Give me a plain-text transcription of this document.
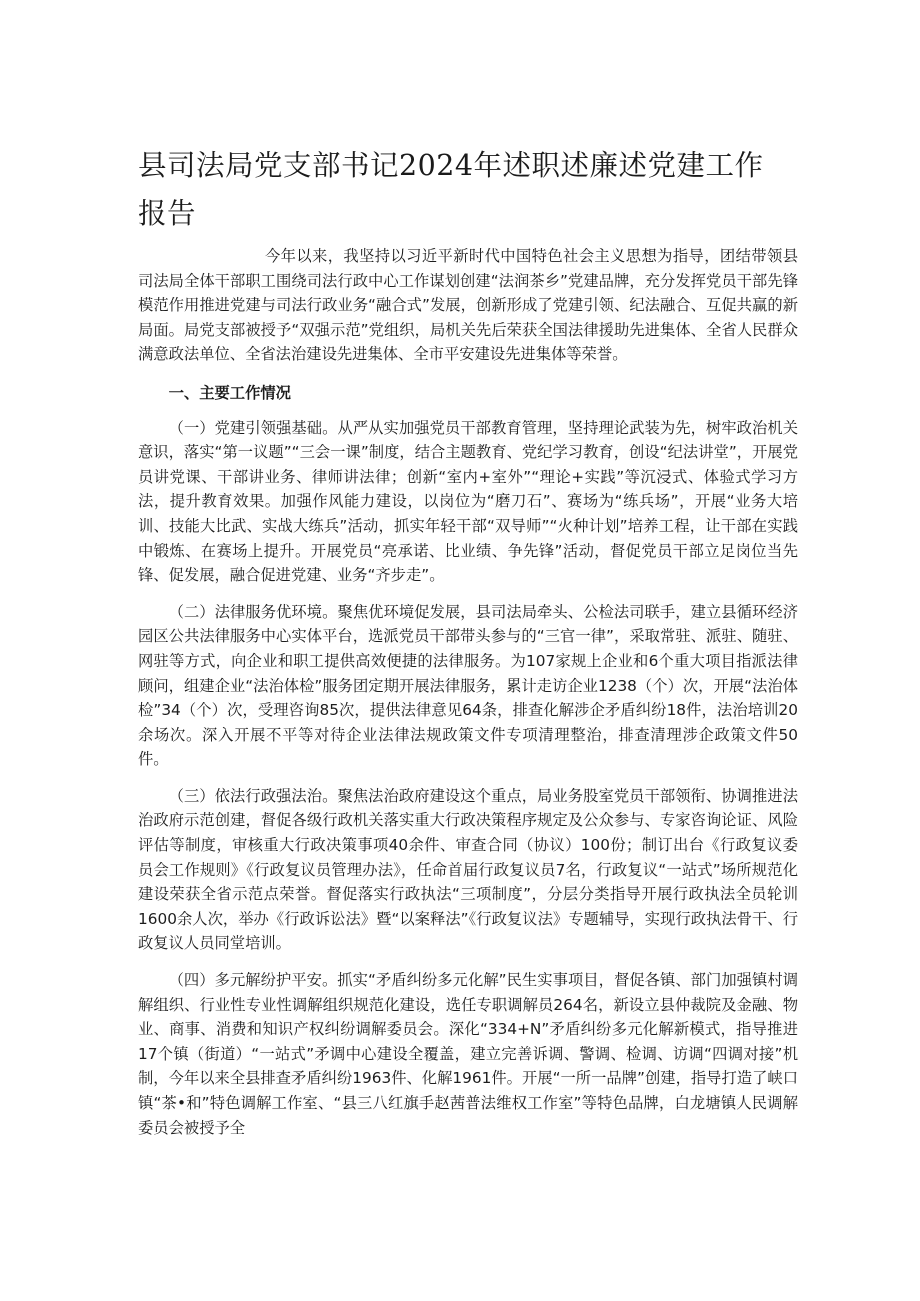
县司法局党支部书记2024年述职述廉述党建工作报告

今年以来，我坚持以习近平新时代中国特色社会主义思想为指导，团结带领县司法局全体干部职工围绕司法行政中心工作谋划创建“法润茶乡”党建品牌，充分发挥党员干部先锋模范作用推进党建与司法行政业务“融合式”发展，创新形成了党建引领、纪法融合、互促共赢的新局面。局党支部被授予“双强示范”党组织，局机关先后荣获全国法律援助先进集体、全省人民群众满意政法单位、全省法治建设先进集体、全市平安建设先进集体等荣誉。

一、主要工作情况

（一）党建引领强基础。从严从实加强党员干部教育管理，坚持理论武装为先，树牢政治机关意识，落实“第一议题”“三会一课”制度，结合主题教育、党纪学习教育，创设“纪法讲堂”，开展党员讲党课、干部讲业务、律师讲法律；创新“室内+室外”“理论+实践”等沉浸式、体验式学习方法，提升教育效果。加强作风能力建设，以岗位为“磨刀石”、赛场为“练兵场”，开展“业务大培训、技能大比武、实战大练兵”活动，抓实年轻干部“双导师”“火种计划”培养工程，让干部在实践中锻炼、在赛场上提升。开展党员“亮承诺、比业绩、争先锋”活动，督促党员干部立足岗位当先锋、促发展，融合促进党建、业务“齐步走”。

（二）法律服务优环境。聚焦优环境促发展，县司法局牵头、公检法司联手，建立县循环经济园区公共法律服务中心实体平台，选派党员干部带头参与的“三官一律”，采取常驻、派驻、随驻、网驻等方式，向企业和职工提供高效便捷的法律服务。为107家规上企业和6个重大项目指派法律顾问，组建企业“法治体检”服务团定期开展法律服务，累计走访企业1238（个）次，开展“法治体检”34（个）次，受理咨询85次，提供法律意见64条，排查化解涉企矛盾纠纷18件，法治培训20余场次。深入开展不平等对待企业法律法规政策文件专项清理整治，排查清理涉企政策文件50件。

（三）依法行政强法治。聚焦法治政府建设这个重点，局业务股室党员干部领衔、协调推进法治政府示范创建，督促各级行政机关落实重大行政决策程序规定及公众参与、专家咨询论证、风险评估等制度，审核重大行政决策事项40余件、审查合同（协议）100份；制订出台《行政复议委员会工作规则》《行政复议员管理办法》，任命首届行政复议员7名，行政复议“一站式”场所规范化建设荣获全省示范点荣誉。督促落实行政执法“三项制度”，分层分类指导开展行政执法全员轮训1600余人次，举办《行政诉讼法》暨“以案释法”《行政复议法》专题辅导，实现行政执法骨干、行政复议人员同堂培训。

（四）多元解纷护平安。抓实“矛盾纠纷多元化解”民生实事项目，督促各镇、部门加强镇村调解组织、行业性专业性调解组织规范化建设，选任专职调解员264名，新设立县仲裁院及金融、物业、商事、消费和知识产权纠纷调解委员会。深化“334+N”矛盾纠纷多元化解新模式，指导推进17个镇（街道）“一站式”矛调中心建设全覆盖，建立完善诉调、警调、检调、访调“四调对接”机制，今年以来全县排查矛盾纠纷1963件、化解1961件。开展“一所一品牌”创建，指导打造了峡口镇“茶•和”特色调解工作室、“县三八红旗手赵茜普法维权工作室”等特色品牌，白龙塘镇人民调解委员会被授予全
